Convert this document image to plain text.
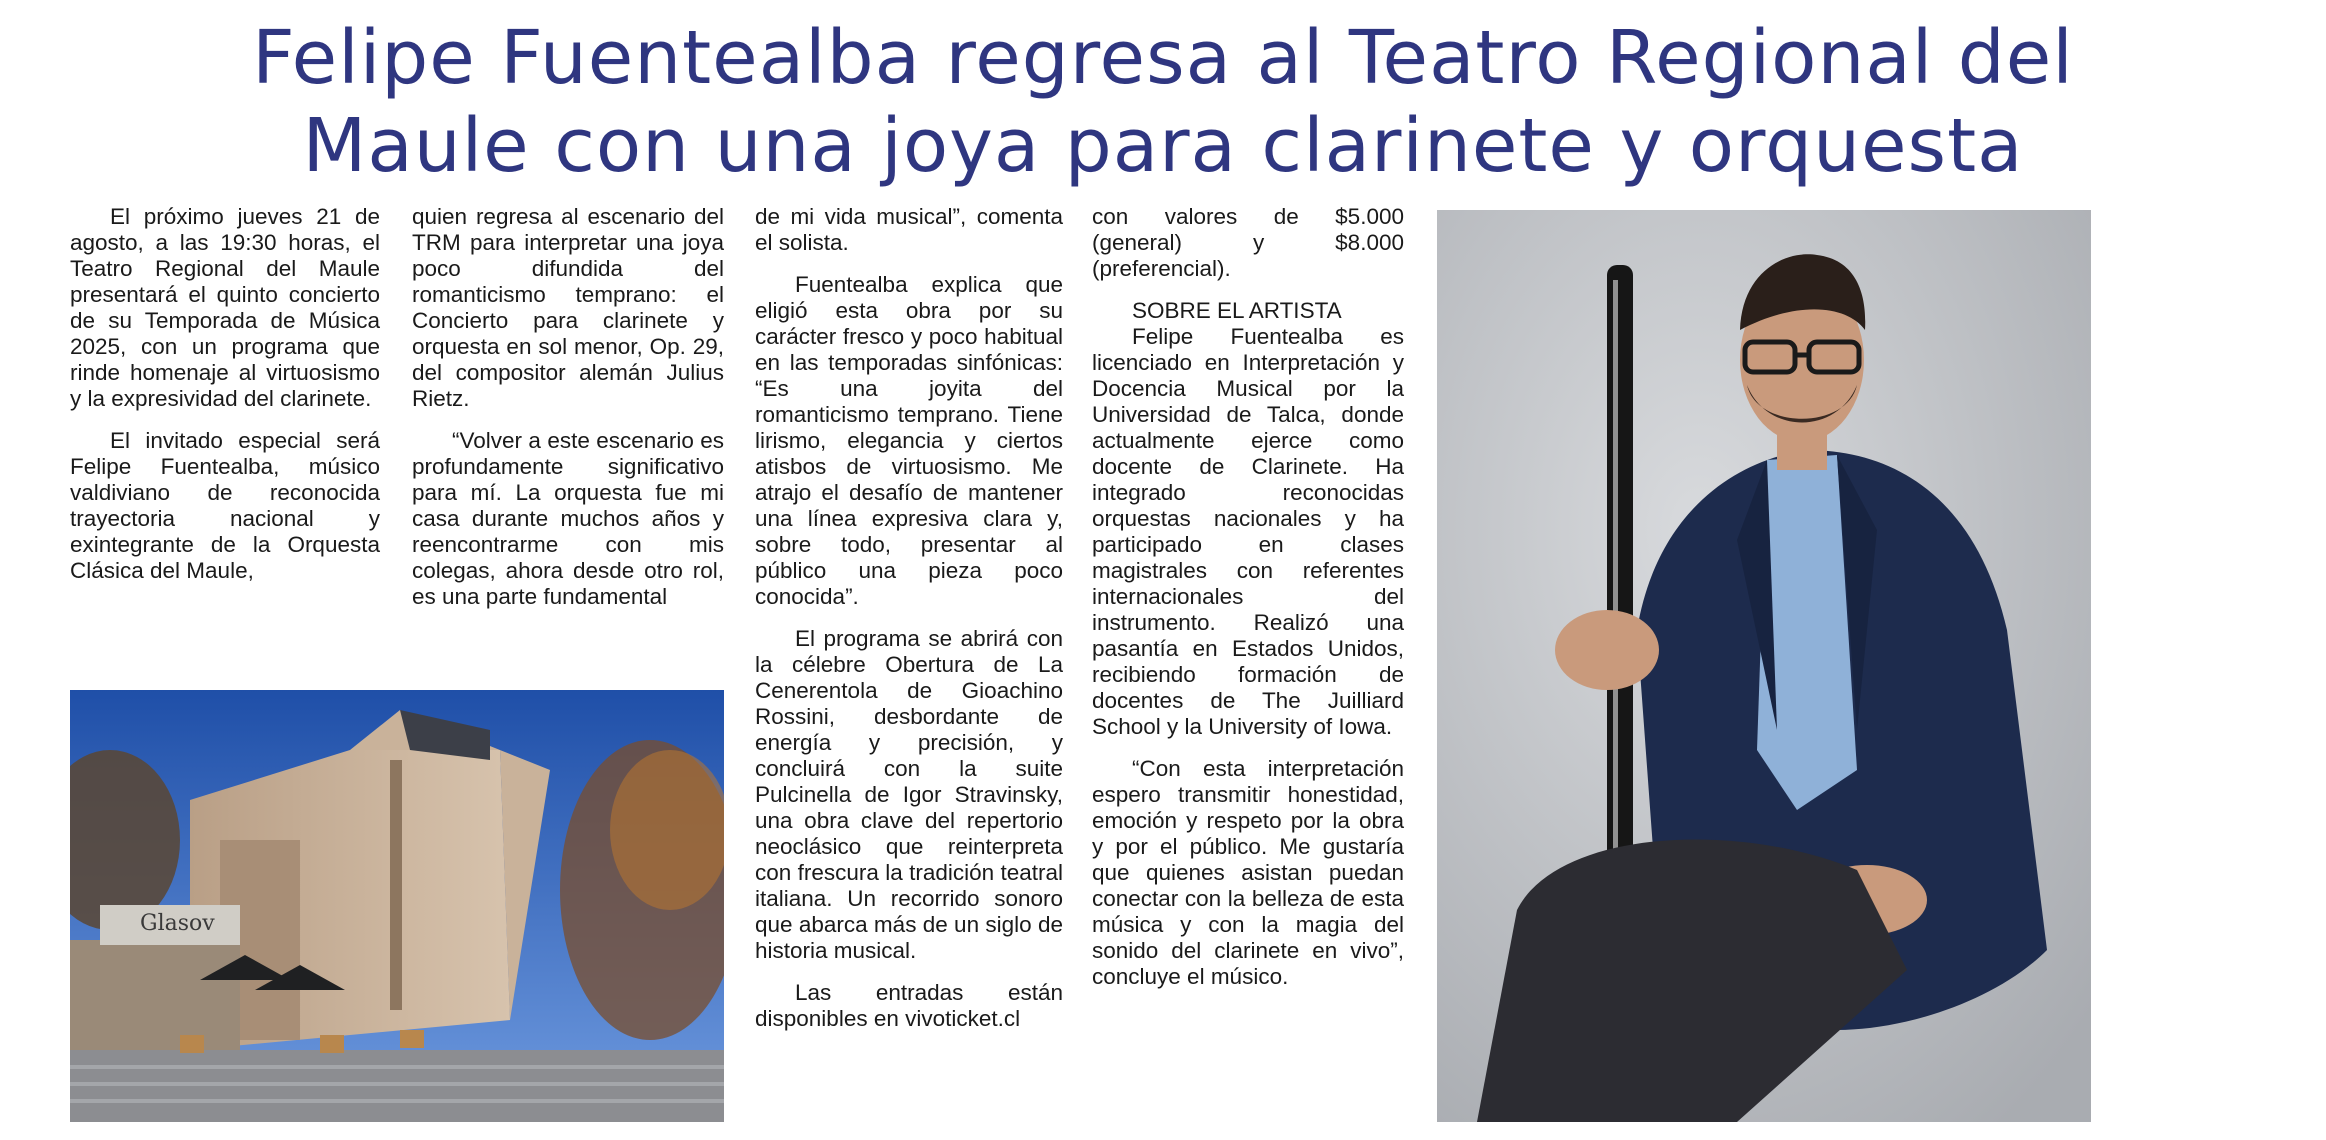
Felipe Fuentealba regresa al Teatro Regional del
Maule con una joya para clarinete y orquesta

El próximo jueves 21 de agosto, a las 19:30 horas, el Teatro Regional del Maule presentará el quinto concierto de su Temporada de Música 2025, con un programa que rinde homenaje al virtuosismo y la expresividad del clarinete.

El invitado especial será Felipe Fuentealba, músico valdiviano de reconocida trayectoria nacional y exintegrante de la Orquesta Clásica del Maule,

quien regresa al escenario del TRM para interpretar una joya poco difundida del romanticismo temprano: el Concierto para clarinete y orquesta en sol menor, Op. 29, del compositor alemán Julius Rietz.

“Volver a este escenario es profundamente significativo para mí. La orquesta fue mi casa durante muchos años y reencontrarme con mis colegas, ahora desde otro rol, es una parte fundamental

de mi vida musical”, comenta el solista.

Fuentealba explica que eligió esta obra por su carácter fresco y poco habitual en las temporadas sinfónicas: “Es una joyita del romanticismo temprano. Tiene lirismo, elegancia y ciertos atisbos de virtuosismo. Me atrajo el desafío de mantener una línea expresiva clara y, sobre todo, presentar al público una pieza poco conocida”.

El programa se abrirá con la célebre Obertura de La Cenerentola de Gioachino Rossini, desbordante de energía y precisión, y concluirá con la suite Pulcinella de Igor Stravinsky, una obra clave del repertorio neoclásico que reinterpreta con frescura la tradición teatral italiana. Un recorrido sonoro que abarca más de un siglo de historia musical.

Las entradas están disponibles en vivoticket.cl

con valores de $5.000 (general) y $8.000 (preferencial).

SOBRE EL ARTISTA

Felipe Fuentealba es licenciado en Interpretación y Docencia Musical por la Universidad de Talca, donde actualmente ejerce como docente de Clarinete. Ha integrado reconocidas orquestas nacionales y ha participado en clases magistrales con referentes internacionales del instrumento. Realizó una pasantía en Estados Unidos, recibiendo formación de docentes de The Juilliard School y la University of Iowa.

“Con esta interpretación espero transmitir honestidad, emoción y respeto por la obra y por el público. Me gustaría que quienes asistan puedan conectar con la belleza de esta música y con la magia del sonido del clarinete en vivo”, concluye el músico.

Glasov
